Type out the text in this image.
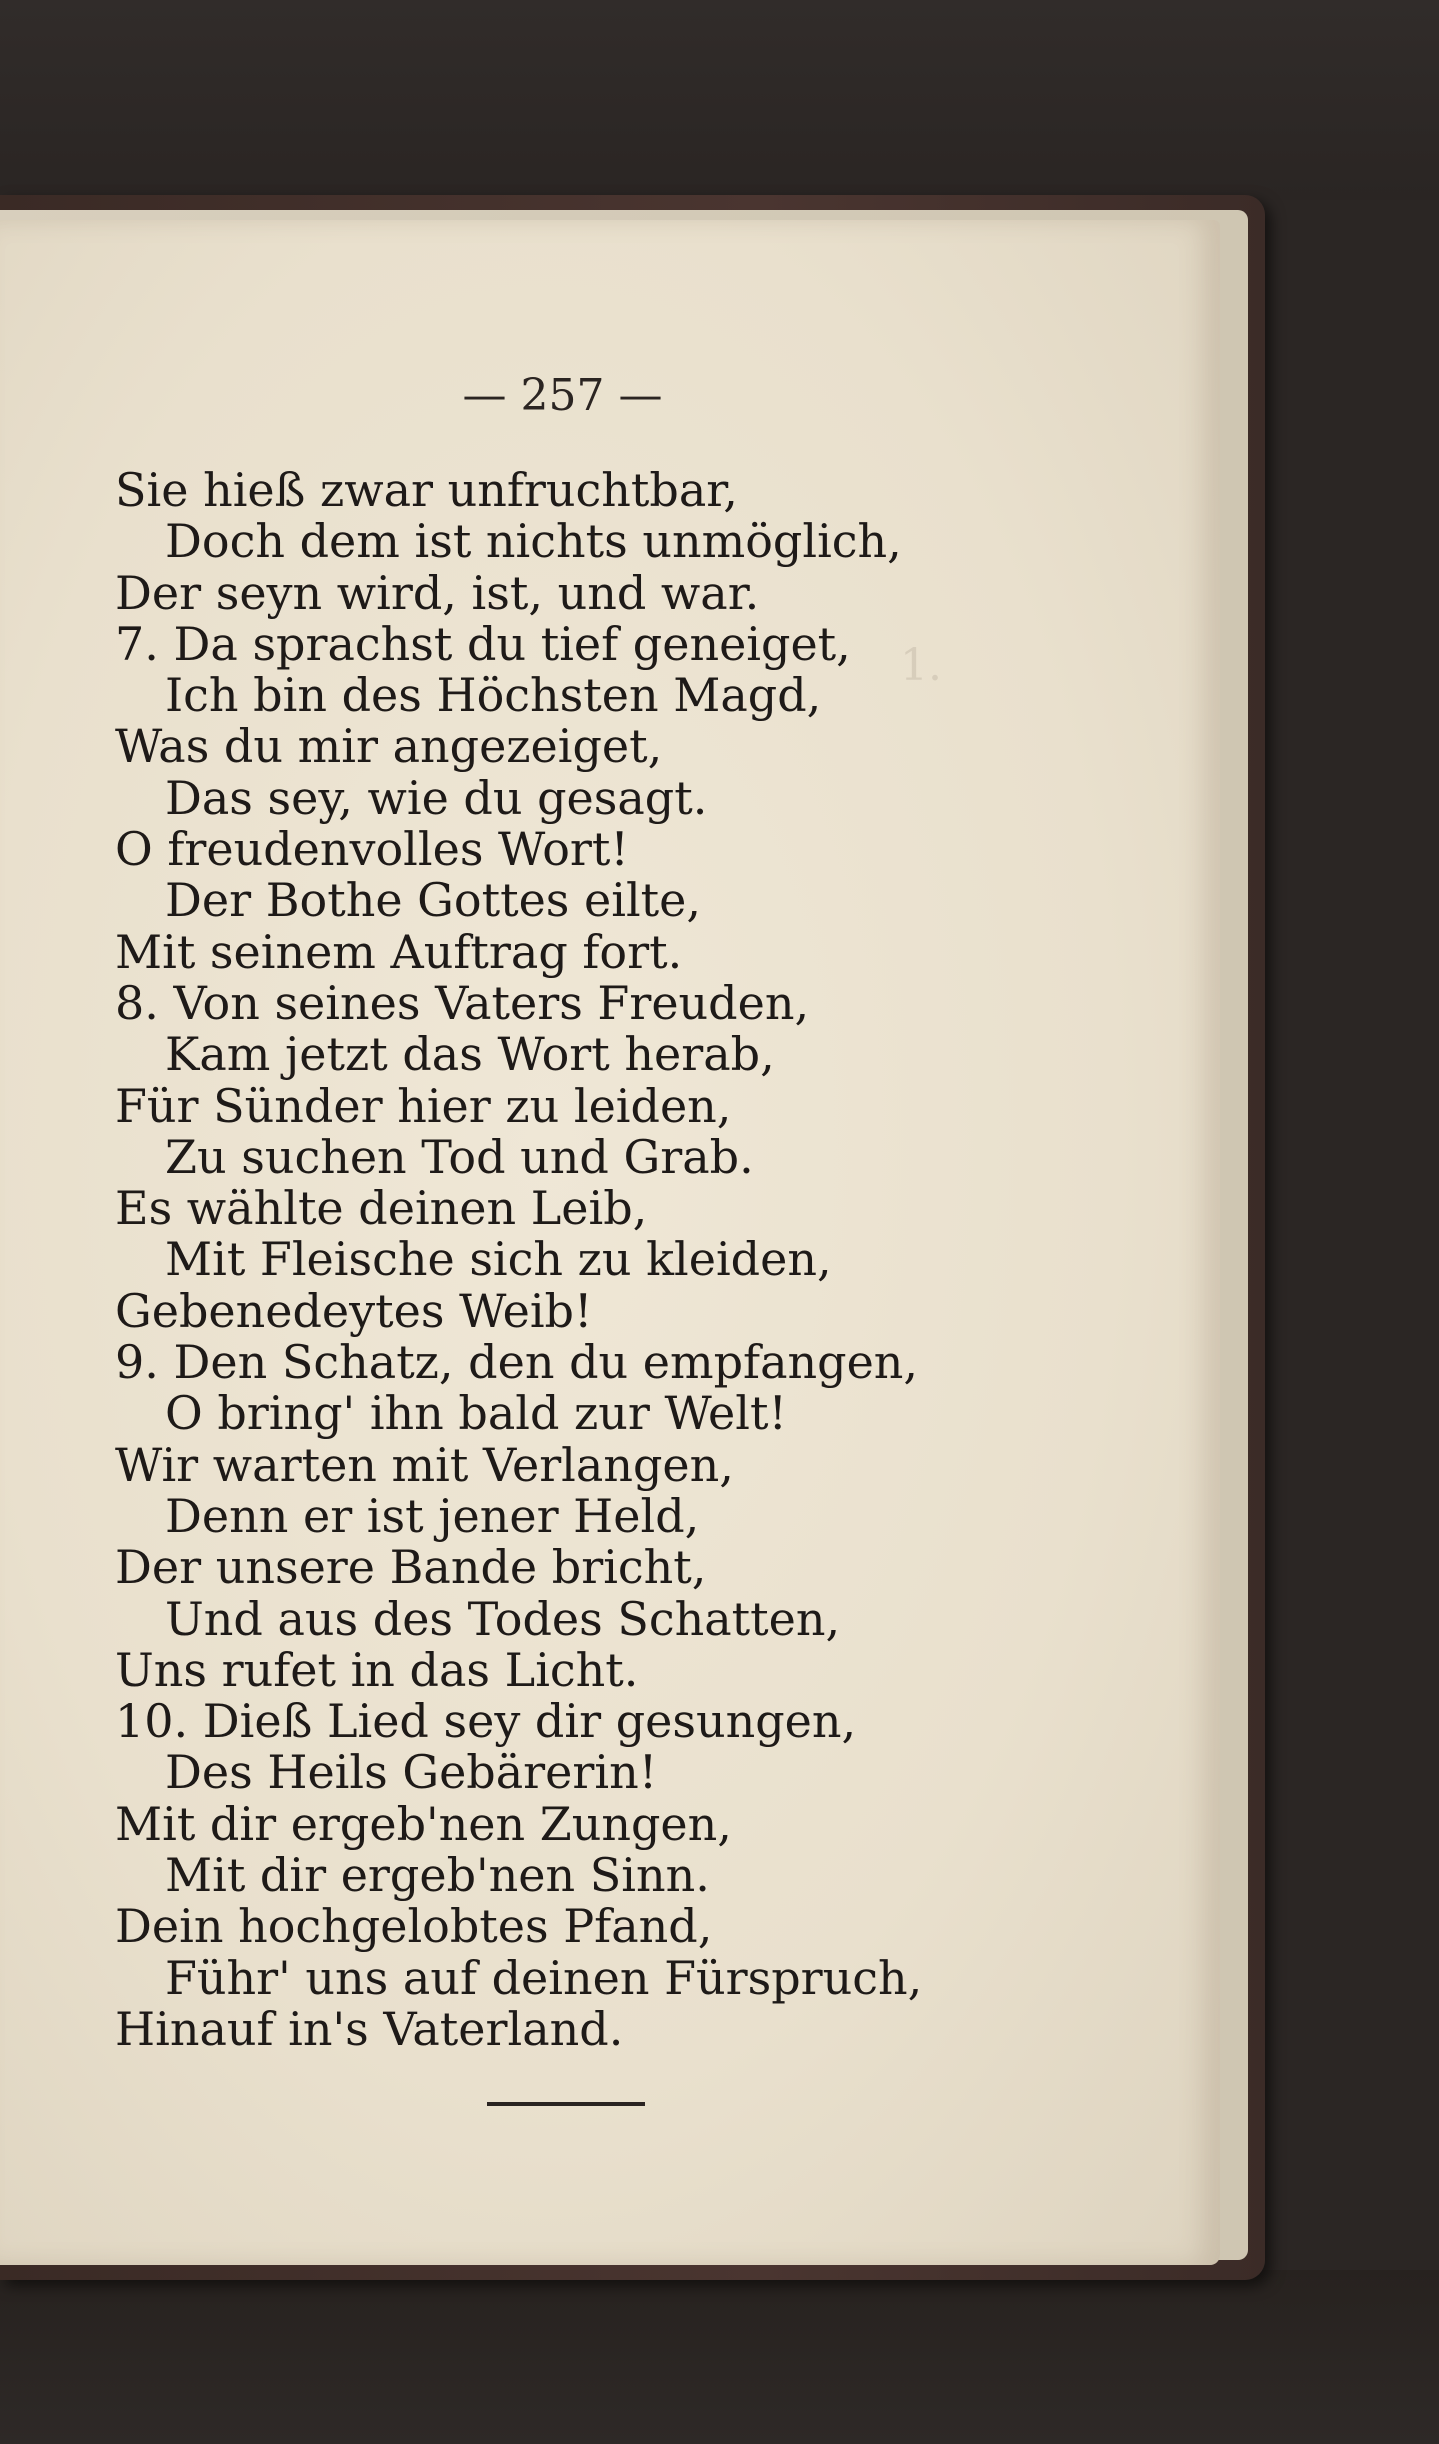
1.
— 257 —
Sie hieß zwar unfruchtbar,
Doch dem ist nichts unmöglich,
Der seyn wird, ist, und war.
7. Da sprachst du tief geneiget,
Ich bin des Höchsten Magd,
Was du mir angezeiget,
Das sey, wie du gesagt.
O freudenvolles Wort!
Der Bothe Gottes eilte,
Mit seinem Auftrag fort.
8. Von seines Vaters Freuden,
Kam jetzt das Wort herab,
Für Sünder hier zu leiden,
Zu suchen Tod und Grab.
Es wählte deinen Leib,
Mit Fleische sich zu kleiden,
Gebenedeytes Weib!
9. Den Schatz, den du empfangen,
O bring' ihn bald zur Welt!
Wir warten mit Verlangen,
Denn er ist jener Held,
Der unsere Bande bricht,
Und aus des Todes Schatten,
Uns rufet in das Licht.
10. Dieß Lied sey dir gesungen,
Des Heils Gebärerin!
Mit dir ergeb'nen Zungen,
Mit dir ergeb'nen Sinn.
Dein hochgelobtes Pfand,
Führ' uns auf deinen Fürspruch,
Hinauf in's Vaterland.
